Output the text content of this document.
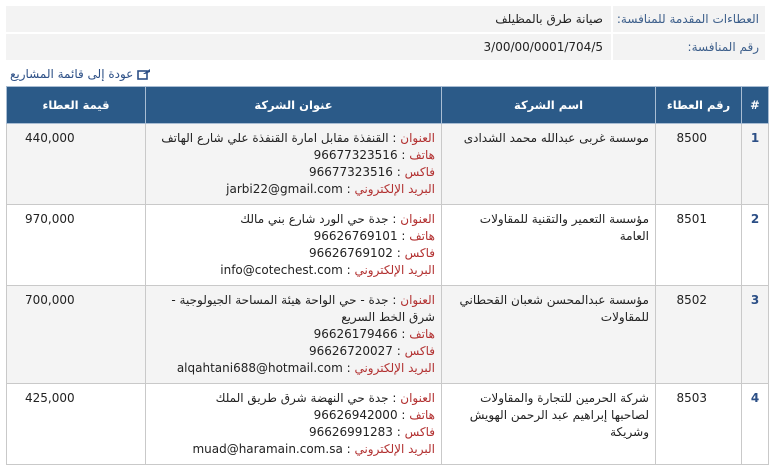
العطاءات المقدمة للمنافسة:
صيانة طرق بالمظيلف
رقم المنافسة:
3/00/00/0001/704/5
عودة إلى قائمة المشاريع
#	رقم العطاء	اسم الشركة	عنوان الشركة	قيمة العطاء
1	8500	موسسة غربى عبدالله محمد الشدادى	العنوان : القنفذة مقابل امارة القنفذة علي شارع الهاتف
هاتف : 96677323516
فاكس : 96677323516
البريد الإلكتروني : jarbi22@gmail.com	440,000
2	8501	مؤسسة التعمير والتقنية للمقاولات العامة	العنوان : جدة حي الورد شارع بني مالك
هاتف : 96626769101
فاكس : 96626769102
البريد الإلكتروني : info@cotechest.com	970,000
3	8502	مؤسسة عبدالمحسن شعبان القحطاني للمقاولات	العنوان : جدة - حي الواحة هيئة المساحة الجيولوجية - شرق الخط السريع
هاتف : 96626179466
فاكس : 96626720027
البريد الإلكتروني : alqahtani688@hotmail.com	700,000
4	8503	شركة الحرمين للتجارة والمقاولات لصاحبها إبراهيم عبد الرحمن الهويش وشريكة	العنوان : جدة حي النهضة شرق طريق الملك
هاتف : 96626942000
فاكس : 96626991283
البريد الإلكتروني : muad@haramain.com.sa	425,000
